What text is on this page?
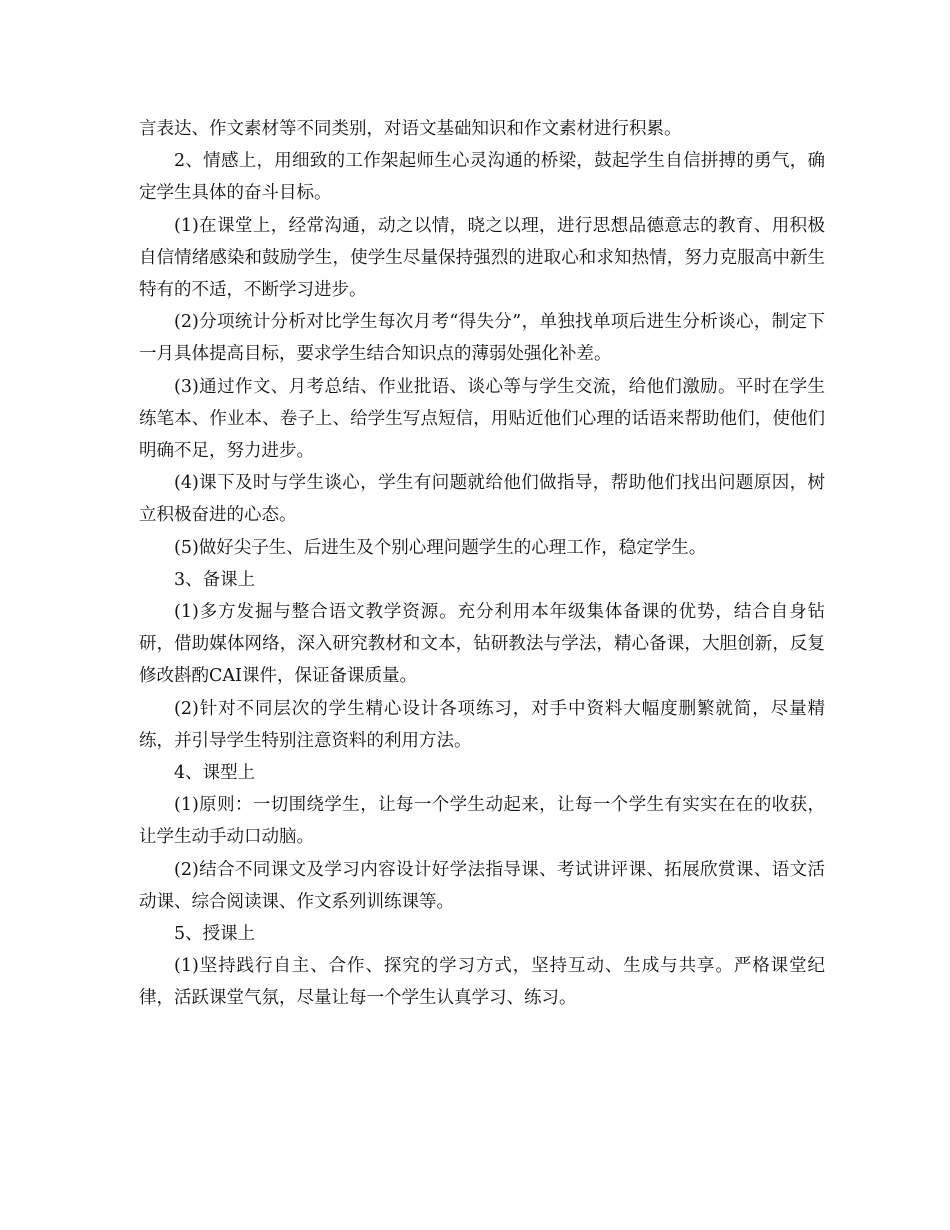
言表达、作文素材等不同类别，对语文基础知识和作文素材进行积累。

2、情感上，用细致的工作架起师生心灵沟通的桥梁，鼓起学生自信拼搏的勇气，确定学生具体的奋斗目标。

(1)在课堂上，经常沟通，动之以情，晓之以理，进行思想品德意志的教育、用积极自信情绪感染和鼓励学生，使学生尽量保持强烈的进取心和求知热情，努力克服高中新生特有的不适，不断学习进步。

(2)分项统计分析对比学生每次月考“得失分”，单独找单项后进生分析谈心，制定下一月具体提高目标，要求学生结合知识点的薄弱处强化补差。

(3)通过作文、月考总结、作业批语、谈心等与学生交流，给他们激励。平时在学生练笔本、作业本、卷子上、给学生写点短信，用贴近他们心理的话语来帮助他们，使他们明确不足，努力进步。

(4)课下及时与学生谈心，学生有问题就给他们做指导，帮助他们找出问题原因，树立积极奋进的心态。

(5)做好尖子生、后进生及个别心理问题学生的心理工作，稳定学生。

3、备课上

(1)多方发掘与整合语文教学资源。充分利用本年级集体备课的优势，结合自身钻研，借助媒体网络，深入研究教材和文本，钻研教法与学法，精心备课，大胆创新，反复修改斟酌CAI课件，保证备课质量。

(2)针对不同层次的学生精心设计各项练习，对手中资料大幅度删繁就简，尽量精练，并引导学生特别注意资料的利用方法。

4、课型上

(1)原则：一切围绕学生，让每一个学生动起来，让每一个学生有实实在在的收获，让学生动手动口动脑。

(2)结合不同课文及学习内容设计好学法指导课、考试讲评课、拓展欣赏课、语文活动课、综合阅读课、作文系列训练课等。

5、授课上

(1)坚持践行自主、合作、探究的学习方式，坚持互动、生成与共享。严格课堂纪律，活跃课堂气氛，尽量让每一个学生认真学习、练习。
